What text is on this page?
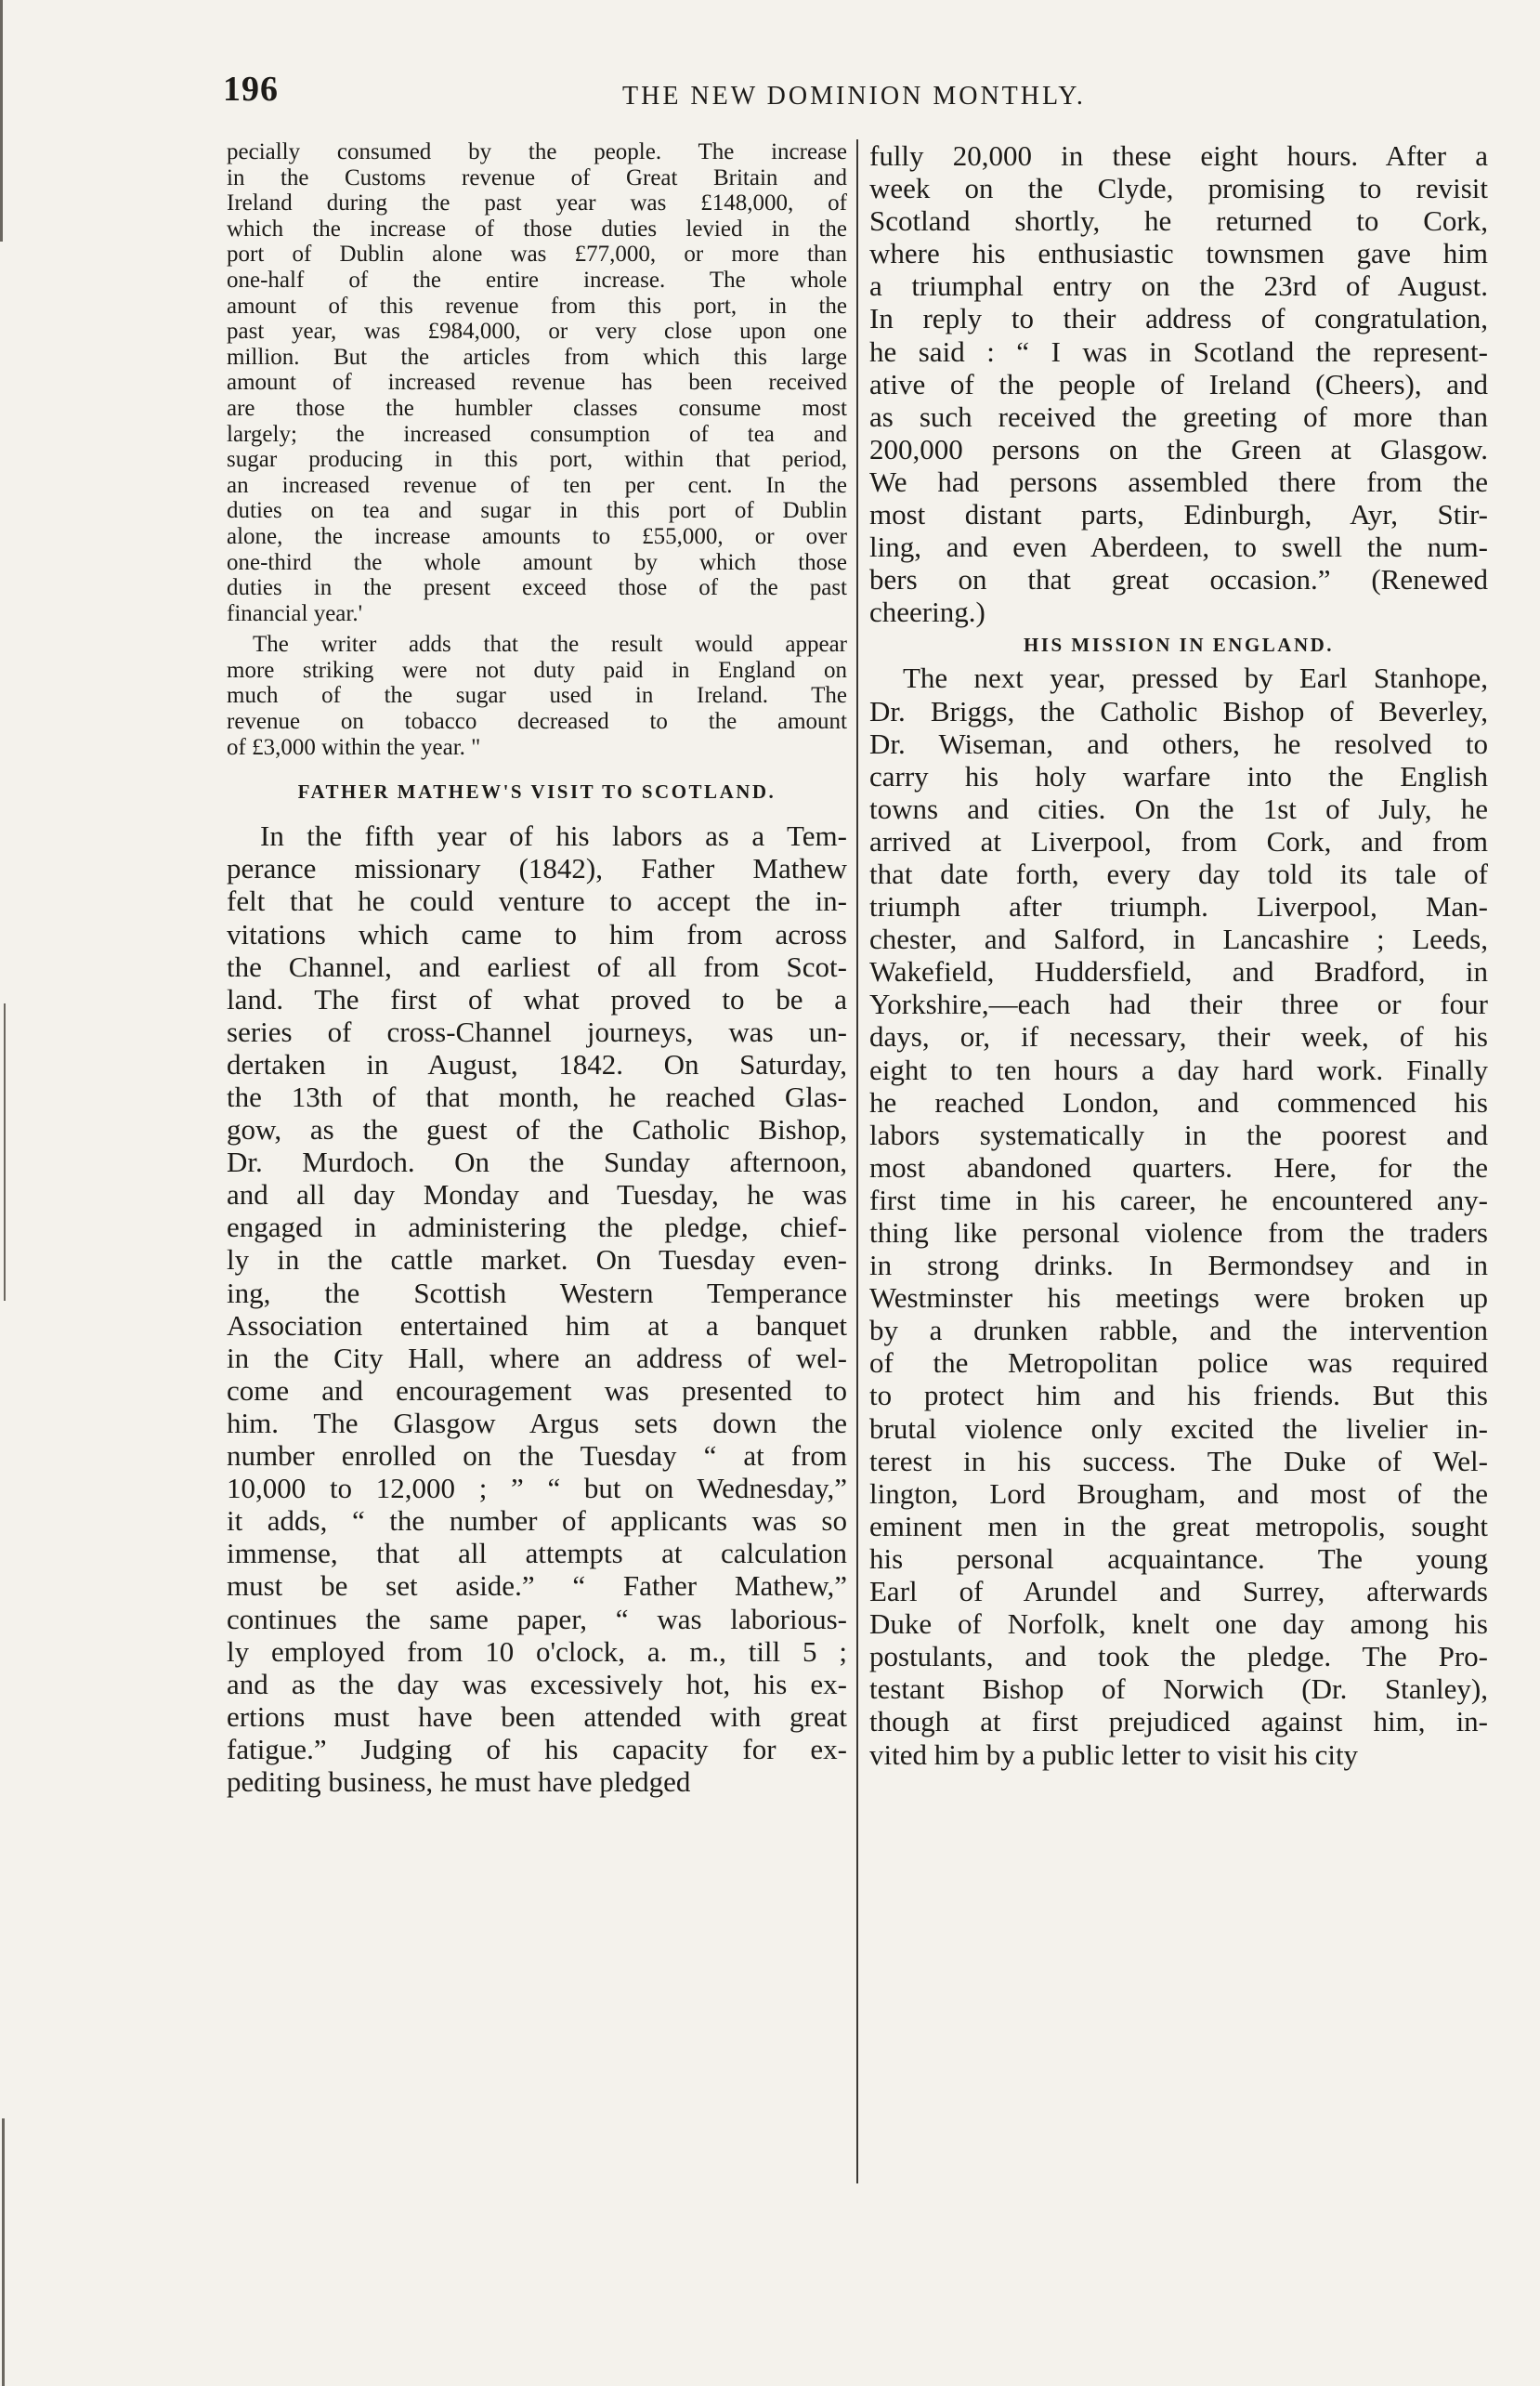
196	THE NEW DOMINION MONTHLY.

pecially consumed by the people. The increase

in the Customs revenue of Great Britain and

Ireland during the past year was £148,000, of

which the increase of those duties levied in the

port of Dublin alone was £77,000, or more than

one-half of the entire increase. The whole

amount of this revenue from this port, in the

past year, was £984,000, or very close upon one

million. But the articles from which this large

amount of increased revenue has been received

are those the humbler classes consume most

largely; the increased consumption of tea and

sugar producing in this port, within that period,

an increased revenue of ten per cent. In the

duties on tea and sugar in this port of Dublin

alone, the increase amounts to £55,000, or over

one-third the whole amount by which those

duties in the present exceed those of the past

financial year.'

The writer adds that the result would appear

more striking were not duty paid in England on

much of the sugar used in Ireland. The

revenue on tobacco decreased to the amount

of £3,000 within the year. "

FATHER MATHEW'S VISIT TO SCOTLAND.

In the fifth year of his labors as a Tem-

perance missionary (1842), Father Mathew

felt that he could venture to accept the in-

vitations which came to him from across

the Channel, and earliest of all from Scot-

land. The first of what proved to be a

series of cross-Channel journeys, was un-

dertaken in August, 1842. On Saturday,

the 13th of that month, he reached Glas-

gow, as the guest of the Catholic Bishop,

Dr. Murdoch. On the Sunday afternoon,

and all day Monday and Tuesday, he was

engaged in administering the pledge, chief-

ly in the cattle market. On Tuesday even-

ing, the Scottish Western Temperance

Association entertained him at a banquet

in the City Hall, where an address of wel-

come and encouragement was presented to

him. The Glasgow Argus sets down the

number enrolled on the Tuesday “ at from

10,000 to 12,000 ; ” “ but on Wednesday,”

it adds, “ the number of applicants was so

immense, that all attempts at calculation

must be set aside.” “ Father Mathew,”

continues the same paper, “ was laborious-

ly employed from 10 o'clock, a. m., till 5 ;

and as the day was excessively hot, his ex-

ertions must have been attended with great

fatigue.” Judging of his capacity for ex-

pediting business, he must have pledged

fully 20,000 in these eight hours. After a

week on the Clyde, promising to revisit

Scotland shortly, he returned to Cork,

where his enthusiastic townsmen gave him

a triumphal entry on the 23rd of August.

In reply to their address of congratulation,

he said : “ I was in Scotland the represent-

ative of the people of Ireland (Cheers), and

as such received the greeting of more than

200,000 persons on the Green at Glasgow.

We had persons assembled there from the

most distant parts, Edinburgh, Ayr, Stir-

ling, and even Aberdeen, to swell the num-

bers on that great occasion.” (Renewed

cheering.)

HIS MISSION IN ENGLAND.

The next year, pressed by Earl Stanhope,

Dr. Briggs, the Catholic Bishop of Beverley,

Dr. Wiseman, and others, he resolved to

carry his holy warfare into the English

towns and cities. On the 1st of July, he

arrived at Liverpool, from Cork, and from

that date forth, every day told its tale of

triumph after triumph. Liverpool, Man-

chester, and Salford, in Lancashire ; Leeds,

Wakefield, Huddersfield, and Bradford, in

Yorkshire,—each had their three or four

days, or, if necessary, their week, of his

eight to ten hours a day hard work. Finally

he reached London, and commenced his

labors systematically in the poorest and

most abandoned quarters. Here, for the

first time in his career, he encountered any-

thing like personal violence from the traders

in strong drinks. In Bermondsey and in

Westminster his meetings were broken up

by a drunken rabble, and the intervention

of the Metropolitan police was required

to protect him and his friends. But this

brutal violence only excited the livelier in-

terest in his success. The Duke of Wel-

lington, Lord Brougham, and most of the

eminent men in the great metropolis, sought

his personal acquaintance. The young

Earl of Arundel and Surrey, afterwards

Duke of Norfolk, knelt one day among his

postulants, and took the pledge. The Pro-

testant Bishop of Norwich (Dr. Stanley),

though at first prejudiced against him, in-

vited him by a public letter to visit his city
